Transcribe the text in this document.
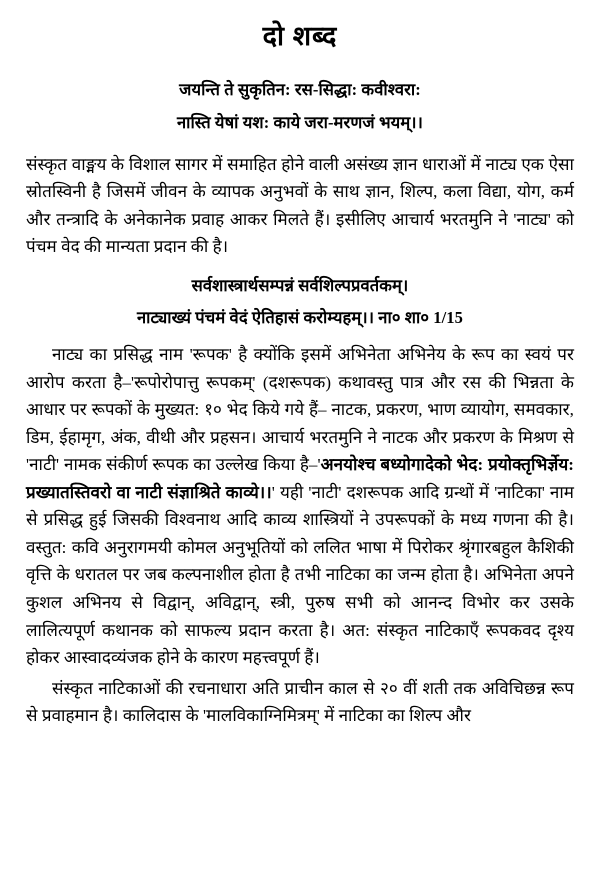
दो शब्द
जयन्ति ते सुकृतिन: रस-सिद्धा: कवीश्वरा:
नास्ति येषां यश: काये जरा-मरणजं भयम्।।

संस्कृत वाङ्मय के विशाल सागर में समाहित होने वाली असंख्य ज्ञान धाराओं में नाट्य एक ऐसा स्रोतस्विनी है जिसमें जीवन के व्यापक अनुभवों के साथ ज्ञान, शिल्प, कला विद्या, योग, कर्म और तन्त्रादि के अनेकानेक प्रवाह आकर मिलते हैं। इसीलिए आचार्य भरतमुनि ने 'नाट्य' को पंचम वेद की मान्यता प्रदान की है।

सर्वशास्त्रार्थसम्पन्नं सर्वशिल्पप्रवर्तकम्।
नाट्याख्यं पंचमं वेदं ऐतिहासं करोम्यहम्।। ना० शा० 1/15

नाट्य का प्रसिद्ध नाम 'रूपक' है क्योंकि इसमें अभिनेता अभिनेय के रूप का स्वयं पर आरोप करता है–'रूपोरोपात्तु रूपकम्' (दशरूपक) कथावस्तु पात्र और रस की भिन्नता के आधार पर रूपकों के मुख्यत: १० भेद किये गये हैं– नाटक, प्रकरण, भाण व्यायोग, समवकार, डिम, ईहामृग, अंक, वीथी और प्रहसन। आचार्य भरतमुनि ने नाटक और प्रकरण के मिश्रण से 'नाटी' नामक संकीर्ण रूपक का उल्लेख किया है–'अनयोश्च बध्योगादेको भेद: प्रयोक्तृभिर्ज्ञेय: प्रख्यातस्तिवरो वा नाटी संज्ञाश्रिते काव्ये।।' यही 'नाटी' दशरूपक आदि ग्रन्थों में 'नाटिका' नाम से प्रसिद्ध हुई जिसकी विश्वनाथ आदि काव्य शास्त्रियों ने उपरूपकों के मध्य गणना की है। वस्तुत: कवि अनुरागमयी कोमल अनुभूतियों को ललित भाषा में पिरोकर श्रृंगारबहुल कैशिकी वृत्ति के धरातल पर जब कल्पनाशील होता है तभी नाटिका का जन्म होता है। अभिनेता अपने कुशल अभिनय से विद्वान्, अविद्वान्, स्त्री, पुरुष सभी को आनन्द विभोर कर उसके लालित्यपूर्ण कथानक को साफल्य प्रदान करता है। अत: संस्कृत नाटिकाएँ रूपकवद दृश्य होकर आस्वादव्यंजक होने के कारण महत्त्वपूर्ण हैं।

संस्कृत नाटिकाओं की रचनाधारा अति प्राचीन काल से २० वीं शती तक अविचिछन्न रूप से प्रवाहमान है। कालिदास के 'मालविकाग्निमित्रम्' में नाटिका का शिल्प और
